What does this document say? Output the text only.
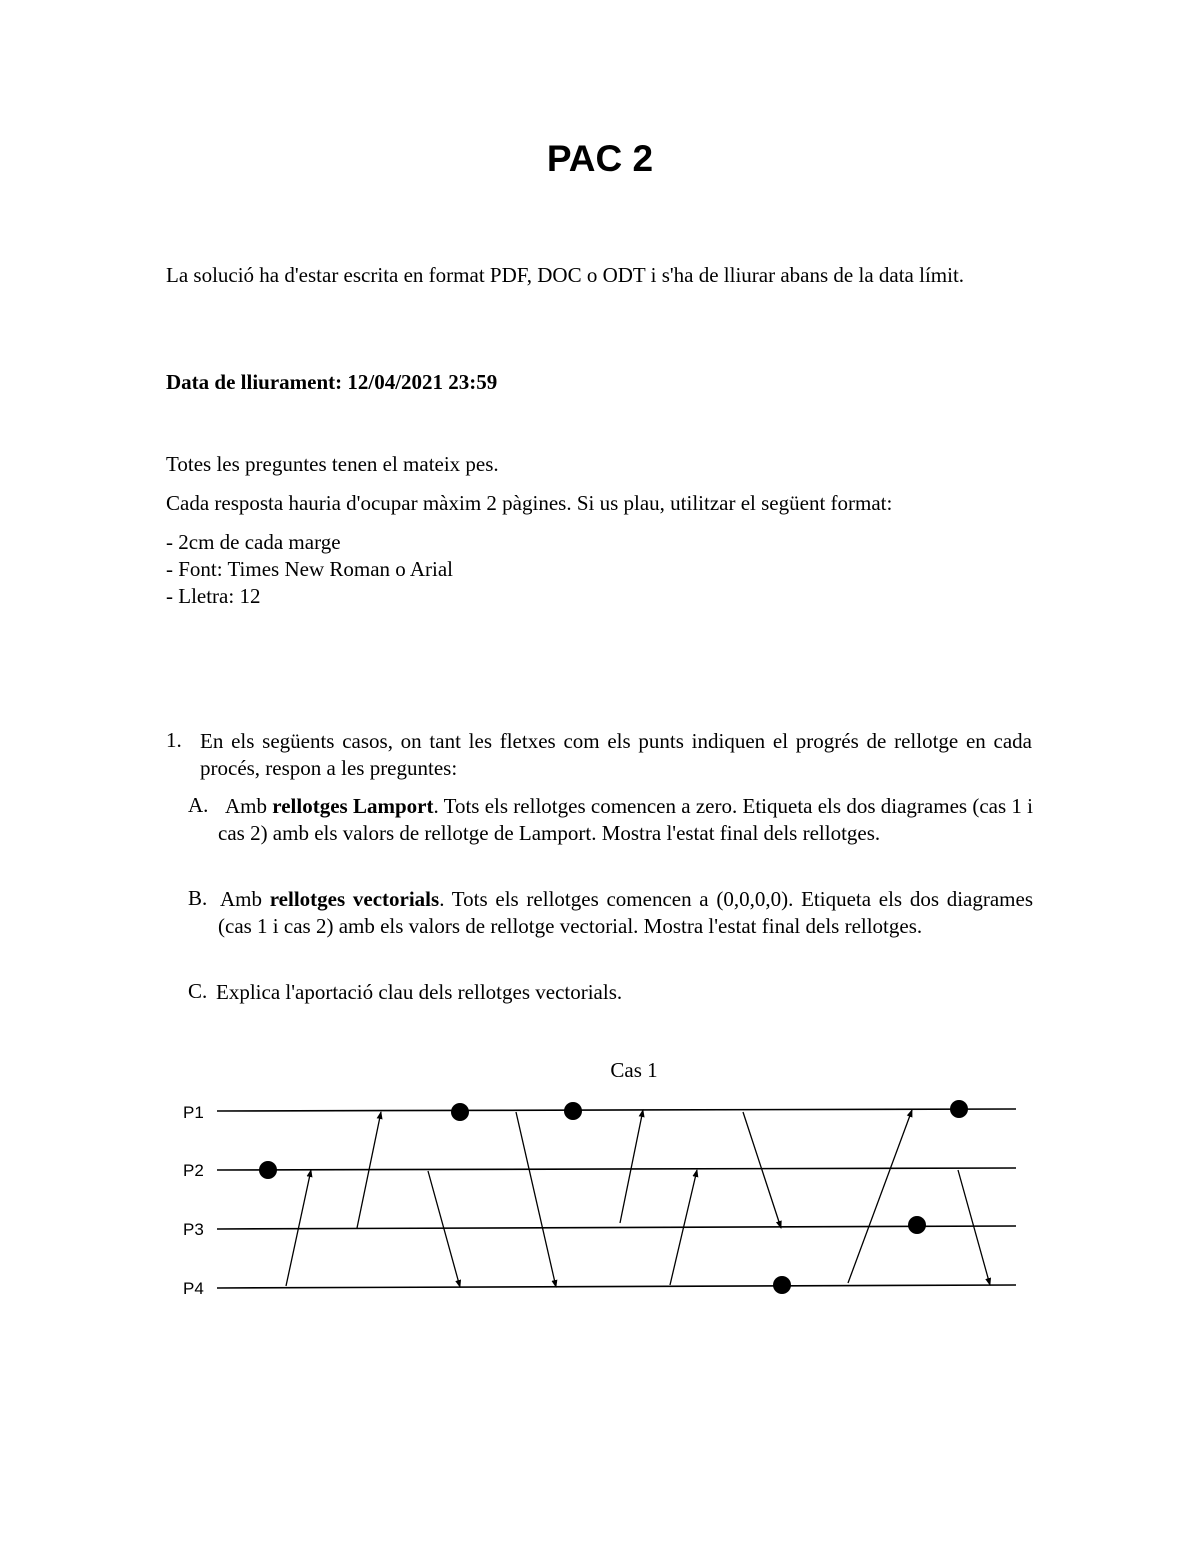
PAC 2

La solució ha d'estar escrita en format PDF, DOC o ODT i s'ha de lliurar abans de la data límit.

Data de lliurament: 12/04/2021 23:59

Totes les preguntes tenen el mateix pes.

Cada resposta hauria d'ocupar màxim 2 pàgines. Si us plau, utilitzar el següent format:

- 2cm de cada marge

- Font: Times New Roman o Arial

- Lletra: 12

1. En els següents casos, on tant les fletxes com els punts indiquen el progrés de rellotge en cada procés, respon a les preguntes:
A. Amb rellotges Lamport. Tots els rellotges comencen a zero. Etiqueta els dos diagrames (cas 1 i cas 2) amb els valors de rellotge de Lamport. Mostra l'estat final dels rellotges.
B. Amb rellotges vectorials. Tots els rellotges comencen a (0,0,0,0). Etiqueta els dos diagrames (cas 1 i cas 2) amb els valors de rellotge vectorial. Mostra l'estat final dels rellotges.
C. Explica l'aportació clau dels rellotges vectorials.
Cas 1
P1
P2
P3
P4
